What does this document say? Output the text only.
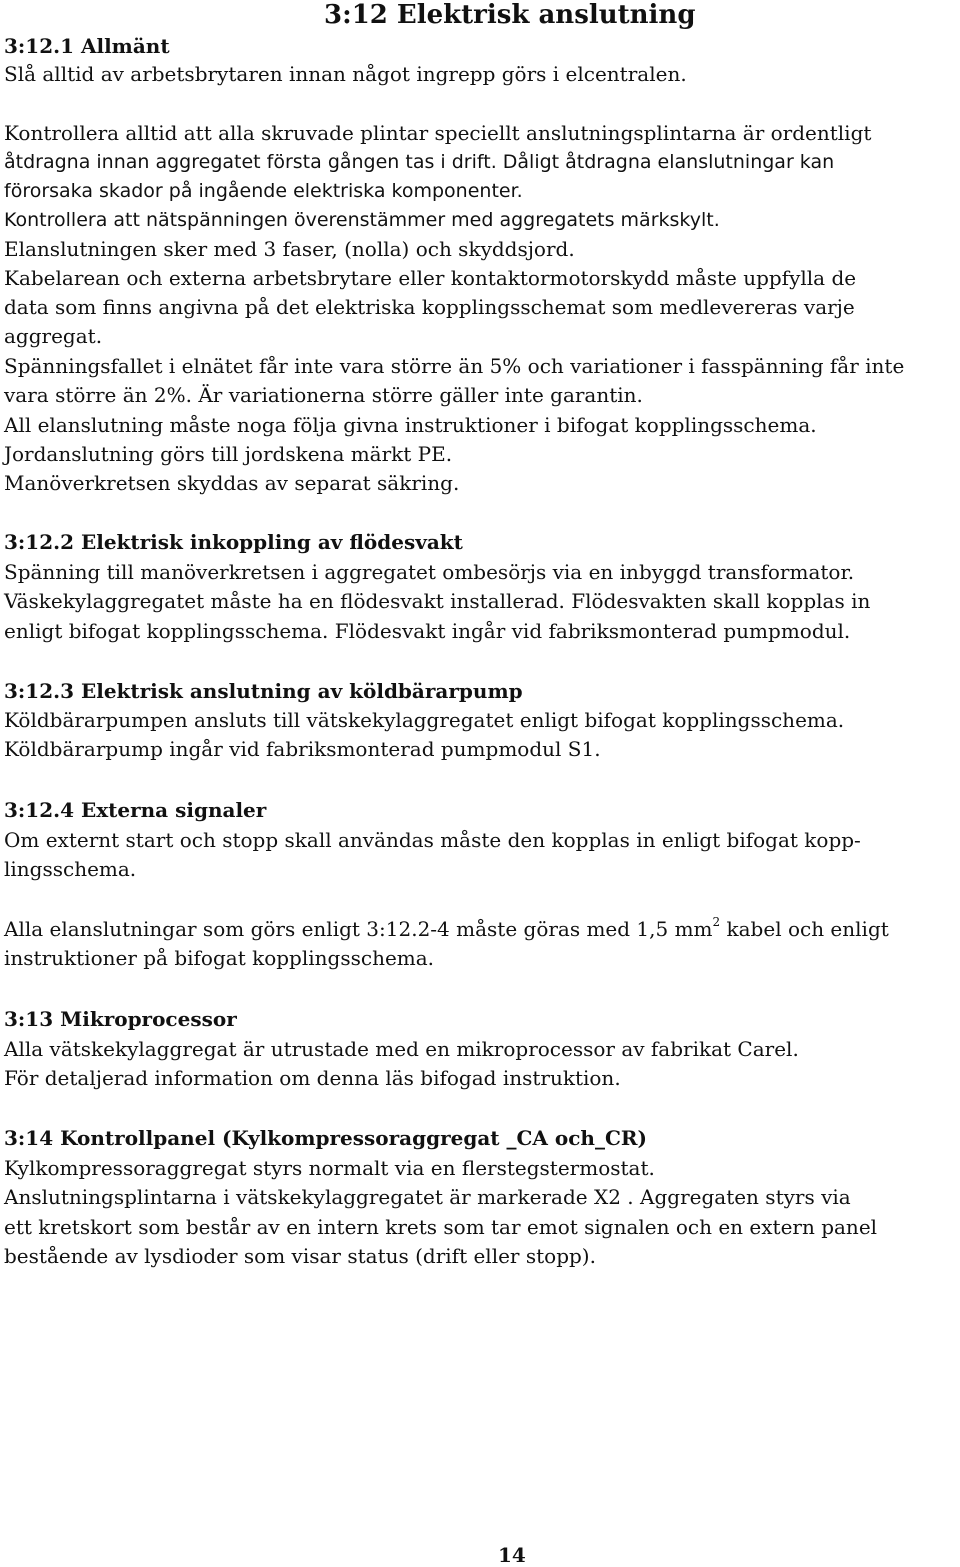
3:12 Elektrisk anslutning
3:12.1 Allmänt
Slå alltid av arbetsbrytaren innan något ingrepp görs i elcentralen.
Kontrollera alltid att alla skruvade plintar speciellt anslutningsplintarna är ordentligt
åtdragna innan aggregatet första gången tas i drift. Dåligt åtdragna elanslutningar kan
förorsaka skador på ingående elektriska komponenter.
Kontrollera att nätspänningen överenstämmer med aggregatets märkskylt.
Elanslutningen sker med 3 faser, (nolla) och skyddsjord.
Kabelarean och externa arbetsbrytare eller kontaktormotorskydd måste uppfylla de
data som finns angivna på det elektriska kopplingsschemat som medlevereras varje
aggregat.
Spänningsfallet i elnätet får inte vara större än 5% och variationer i fasspänning får inte
vara större än 2%. Är variationerna större gäller inte garantin.
All elanslutning måste noga följa givna instruktioner i bifogat kopplingsschema.
Jordanslutning görs till jordskena märkt PE.
Manöverkretsen skyddas av separat säkring.
3:12.2 Elektrisk inkoppling av flödesvakt
Spänning till manöverkretsen i aggregatet ombesörjs via en inbyggd transformator.
Väskekylaggregatet måste ha en flödesvakt installerad. Flödesvakten skall kopplas in
enligt bifogat kopplingsschema. Flödesvakt ingår vid fabriksmonterad pumpmodul.
3:12.3 Elektrisk anslutning av köldbärarpump
Köldbärarpumpen ansluts till vätskekylaggregatet enligt bifogat kopplingsschema.
Köldbärarpump ingår vid fabriksmonterad pumpmodul S1.
3:12.4 Externa signaler
Om externt start och stopp skall användas måste den kopplas in enligt bifogat kopp-
lingsschema.
Alla elanslutningar som görs enligt 3:12.2-4 måste göras med 1,5 $mm^2$ kabel och enligt
instruktioner på bifogat kopplingsschema.
3:13 Mikroprocessor
Alla vätskekylaggregat är utrustade med en mikroprocessor av fabrikat Carel.
För detaljerad information om denna läs bifogad instruktion.
3:14 Kontrollpanel (Kylkompressoraggregat _CA och_CR)
Kylkompressoraggregat styrs normalt via en flerstegstermostat.
Anslutningsplintarna i vätskekylaggregatet är markerade X2 . Aggregaten styrs via
ett kretskort som består av en intern krets som tar emot signalen och en extern panel
bestående av lysdioder som visar status (drift eller stopp).
14
